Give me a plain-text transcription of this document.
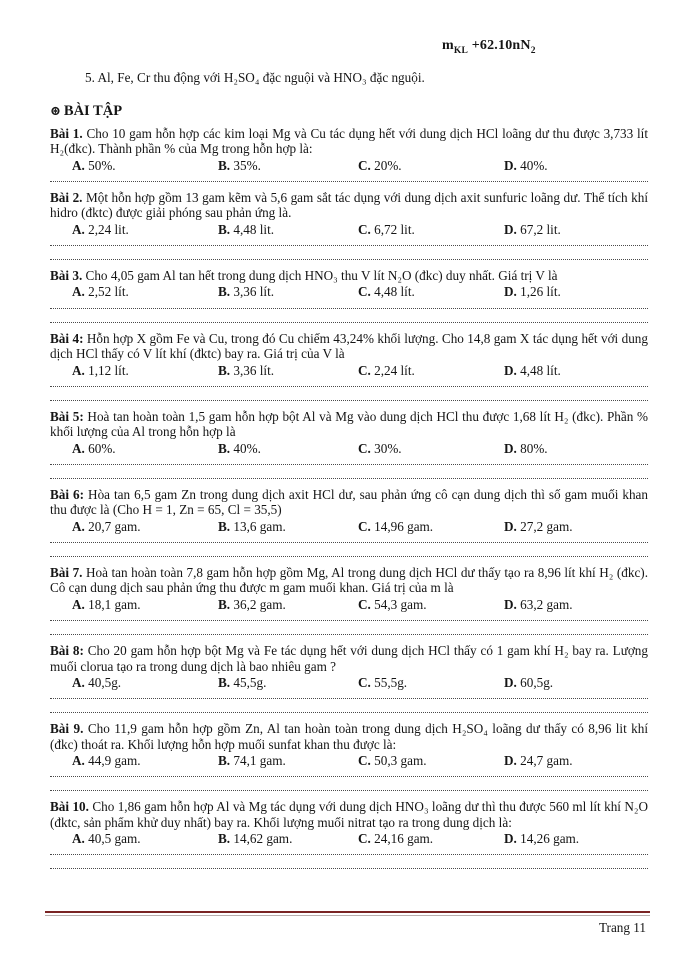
$m_{KL} +62.10nN_2$
5. Al, Fe, Cr thu động với H₂SO₄ đặc nguội và HNO₃ đặc nguội.
⊛ BÀI TẬP

Bài 1. Cho 10 gam hỗn hợp các kim loại Mg và Cu tác dụng hết với dung dịch HCl loãng dư thu được 3,733 lít H₂(đkc). Thành phần % của Mg trong hỗn hợp là:

A. 50%.	B. 35%.	C. 20%.	D. 40%.

Bài 2. Một hỗn hợp gồm 13 gam kẽm và 5,6 gam sắt tác dụng với dung dịch axit sunfuric loãng dư. Thể tích khí hidro (đktc) được giải phóng sau phản ứng là.

A. 2,24 lit.	B. 4,48 lit.	C. 6,72 lit.	D. 67,2 lit.

Bài 3. Cho 4,05 gam Al tan hết trong dung dịch HNO₃ thu V lít N₂O (đkc) duy nhất. Giá trị V là

A. 2,52 lít.	B. 3,36 lít.	C. 4,48 lít.	D. 1,26 lít.

Bài 4: Hỗn hợp X gồm Fe và Cu, trong đó Cu chiếm 43,24% khối lượng. Cho 14,8 gam X tác dụng hết với dung dịch HCl thấy có V lít khí (đktc) bay ra. Giá trị của V là

A. 1,12 lít.	B. 3,36 lít.	C. 2,24 lít.	D. 4,48 lít.

Bài 5: Hoà tan hoàn toàn 1,5 gam hỗn hợp bột Al và Mg vào dung dịch HCl thu được 1,68 lít H₂ (đkc). Phần % khối lượng của Al trong hỗn hợp là

A. 60%.	B. 40%.	C. 30%.	D. 80%.

Bài 6: Hòa tan 6,5 gam Zn trong dung dịch axit HCl dư, sau phản ứng cô cạn dung dịch thì số gam muối khan thu được là (Cho H = 1, Zn = 65, Cl = 35,5)

A. 20,7 gam.	B. 13,6 gam.	C. 14,96 gam.	D. 27,2 gam.

Bài 7. Hoà tan hoàn toàn 7,8 gam hỗn hợp gồm Mg, Al trong dung dịch HCl dư thấy tạo ra 8,96 lít khí H₂ (đkc). Cô cạn dung dịch sau phản ứng thu được m gam muối khan. Giá trị của m là

A. 18,1 gam.	B. 36,2 gam.	C. 54,3 gam.	D. 63,2 gam.

Bài 8: Cho 20 gam hỗn hợp bột Mg và Fe tác dụng hết với dung dịch HCl thấy có 1 gam khí H₂ bay ra. Lượng muối clorua tạo ra trong dung dịch là bao nhiêu gam ?

A. 40,5g.	B. 45,5g.	C. 55,5g.	D. 60,5g.

Bài 9. Cho 11,9 gam hỗn hợp gồm Zn, Al tan hoàn toàn trong dung dịch H₂SO₄ loãng dư thấy có 8,96 lit khí (đkc) thoát ra. Khối lượng hỗn hợp muối sunfat khan thu được là:

A. 44,9 gam.	B. 74,1 gam.	C. 50,3 gam.	D. 24,7 gam.

Bài 10. Cho 1,86 gam hỗn hợp Al và Mg tác dụng với dung dịch HNO₃ loãng dư thì thu được 560 ml lít khí N₂O (đktc, sản phẩm khử duy nhất) bay ra. Khối lượng muối nitrat tạo ra trong dung dịch là:

A. 40,5 gam.	B. 14,62 gam.	C. 24,16 gam.	D. 14,26 gam.
Trang 11
